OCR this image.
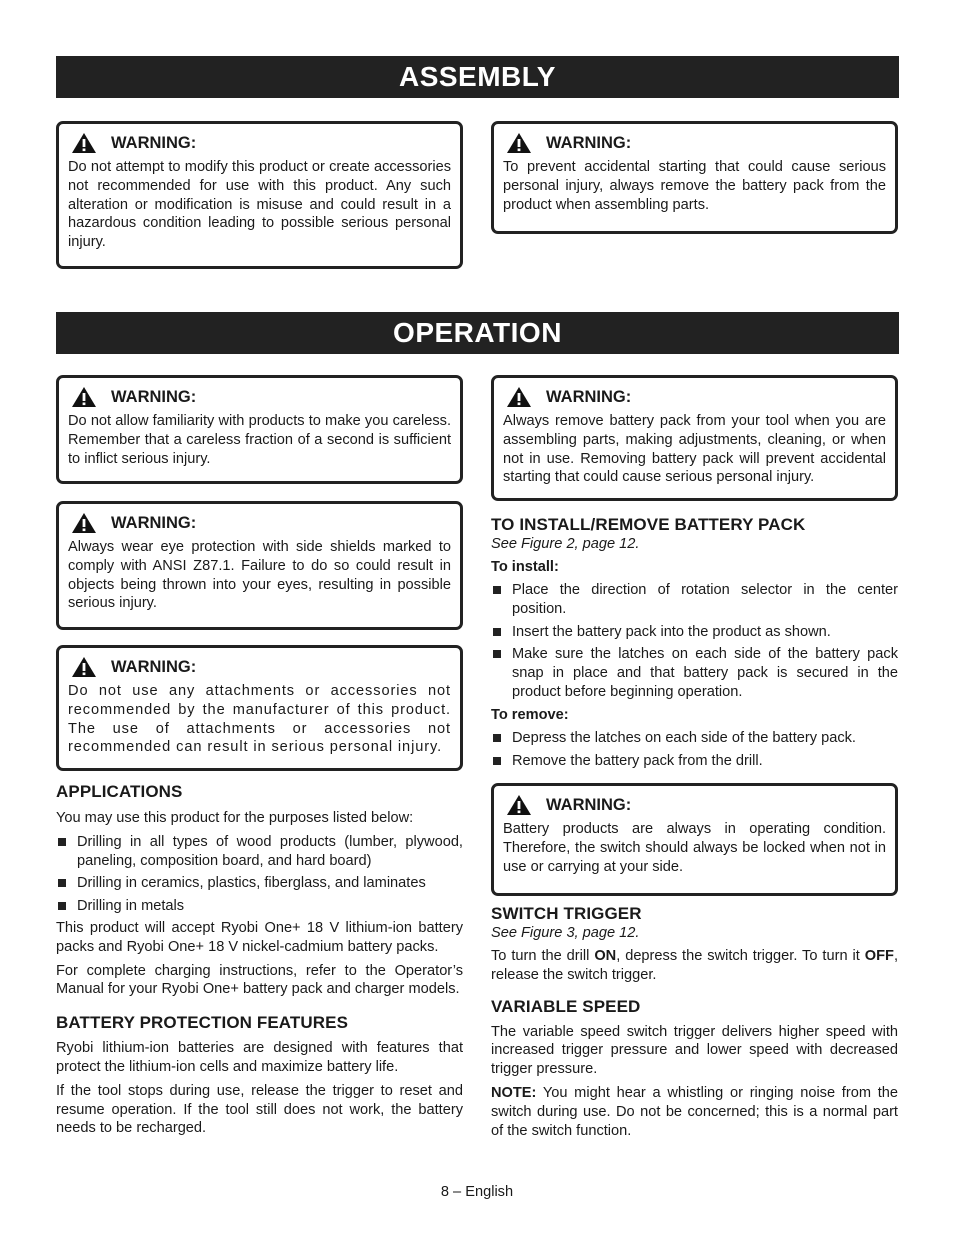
ASSEMBLY
WARNING:
Do not attempt to modify this product or create accessories not recommended for use with this product. Any such alteration or modification is misuse and could result in a hazardous condition leading to possible serious personal injury.
WARNING:
To prevent accidental starting that could cause serious personal injury, always remove the battery pack from the product when assembling parts.
OPERATION
WARNING:
Do not allow familiarity with products to make you careless. Remember that a careless fraction of a second is sufficient to inflict serious injury.
WARNING:
Always wear eye protection with side shields marked to comply with ANSI Z87.1. Failure to do so could result in objects being thrown into your eyes, resulting in possible serious injury.
WARNING:
Do not use any attachments or accessories not recommended by the manufacturer of this product. The use of attachments or accessories not recommended can result in serious personal injury.
APPLICATIONS

You may use this product for the purposes listed below:

Drilling in all types of wood products (lumber, plywood, paneling, composition board, and hard board)
Drilling in ceramics, plastics, fiberglass, and laminates
Drilling in metals

This product will accept Ryobi One+ 18 V lithium-ion battery packs and Ryobi One+ 18 V nickel-cadmium battery packs.

For complete charging instructions, refer to the Operator’s Manual for your Ryobi One+ battery pack and charger models.

BATTERY PROTECTION FEATURES

Ryobi lithium-ion batteries are designed with features that protect the lithium-ion cells and maximize battery life.

If the tool stops during use, release the trigger to reset and resume operation. If the tool still does not work, the battery needs to be recharged.

WARNING:
Always remove battery pack from your tool when you are assembling parts, making adjustments, cleaning, or when not in use. Removing battery pack will prevent accidental starting that could cause serious personal injury.
TO INSTALL/REMOVE BATTERY PACK
See Figure 2, page 12.
To install:
Place the direction of rotation selector in the center position.
Insert the battery pack into the product as shown.
Make sure the latches on each side of the battery pack snap in place and that battery pack is secured in the product before beginning operation.
To remove:
Depress the latches on each side of the battery pack.
Remove the battery pack from the drill.
WARNING:
Battery products are always in operating condition. Therefore, the switch should always be locked when not in use or carrying at your side.
SWITCH TRIGGER
See Figure 3, page 12.

To turn the drill ON, depress the switch trigger. To turn it OFF, release the switch trigger.

VARIABLE SPEED

The variable speed switch trigger delivers higher speed with increased trigger pressure and lower speed with decreased trigger pressure.

NOTE: You might hear a whistling or ringing noise from the switch during use. Do not be concerned; this is a normal part of the switch function.

8 – English
